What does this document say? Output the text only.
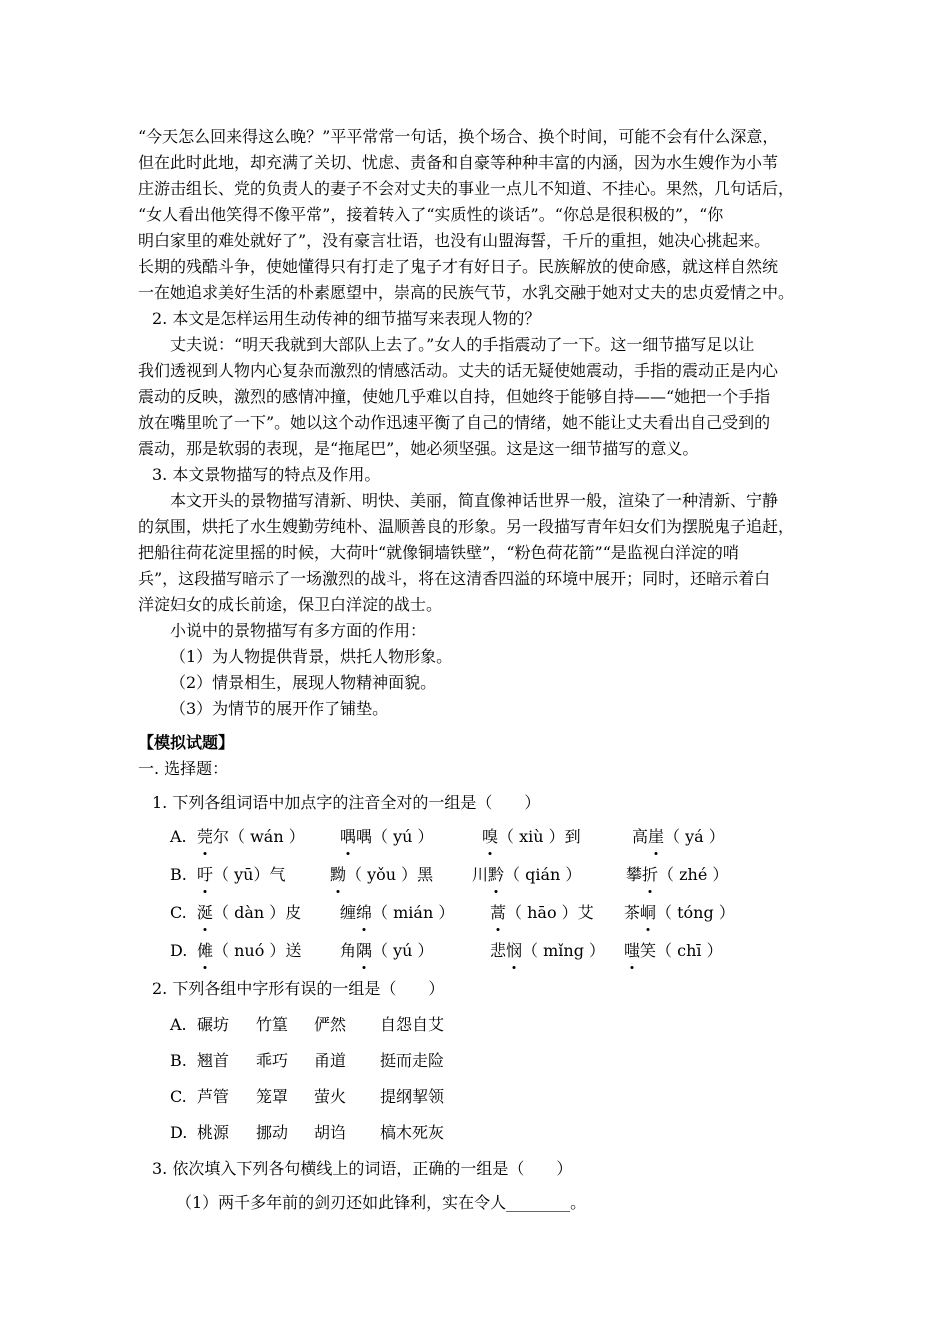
“今天怎么回来得这么晚？”平平常常一句话，换个场合、换个时间，可能不会有什么深意，
但在此时此地，却充满了关切、忧虑、责备和自豪等种种丰富的内涵，因为水生嫂作为小苇
庄游击组长、党的负责人的妻子不会对丈夫的事业一点儿不知道、不挂心。果然，几句话后，
“女人看出他笑得不像平常”，接着转入了“实质性的谈话”。“你总是很积极的”，“你
明白家里的难处就好了”，没有豪言壮语，也没有山盟海誓，千斤的重担，她决心挑起来。
长期的残酷斗争，使她懂得只有打走了鬼子才有好日子。民族解放的使命感，就这样自然统
一在她追求美好生活的朴素愿望中，崇高的民族气节，水乳交融于她对丈夫的忠贞爱情之中。
2. 本文是怎样运用生动传神的细节描写来表现人物的？
丈夫说：“明天我就到大部队上去了。”女人的手指震动了一下。这一细节描写足以让
我们透视到人物内心复杂而激烈的情感活动。丈夫的话无疑使她震动，手指的震动正是内心
震动的反映，激烈的感情冲撞，使她几乎难以自持，但她终于能够自持——“她把一个手指
放在嘴里吮了一下”。她以这个动作迅速平衡了自己的情绪，她不能让丈夫看出自己受到的
震动，那是软弱的表现，是“拖尾巴”，她必须坚强。这是这一细节描写的意义。
3. 本文景物描写的特点及作用。
本文开头的景物描写清新、明快、美丽，简直像神话世界一般，渲染了一种清新、宁静
的氛围，烘托了水生嫂勤劳纯朴、温顺善良的形象。另一段描写青年妇女们为摆脱鬼子追赶，
把船往荷花淀里摇的时候，大荷叶“就像铜墙铁壁”，“粉色荷花箭”“是监视白洋淀的哨
兵”，这段描写暗示了一场激烈的战斗，将在这清香四溢的环境中展开；同时，还暗示着白
洋淀妇女的成长前途，保卫白洋淀的战士。
小说中的景物描写有多方面的作用：
（1）为人物提供背景，烘托人物形象。
（2）情景相生，展现人物精神面貌。
（3）为情节的展开作了铺垫。
【模拟试题】
一. 选择题：
1. 下列各组词语中加点字的注音全对的一组是（　　）
A. 莞尔（ wán ） 喁喁（ yú ）	嗅（ xiù ）到	高崖（ yá ）
B. 吁（ yū）气	黝（ yǒu ）黑 川黔（ qián ）	攀折（ zhé ）
C. 涎（ dàn ）皮 缠绵（ mián ） 蒿（ hāo ）艾 茶峒（ tóng ）
D. 傩（ nuó ）送 角隅（ yú ）	悲悯（ mǐng ） 嗤笑（ chī ）
2. 下列各组中字形有误的一组是（　　）
A. 碾坊 竹篁 俨然 自怨自艾
B. 翘首 乖巧 甬道 挺而走险
C. 芦管 笼罩 萤火 提纲挈领
D. 桃源 挪动 胡诌 槁木死灰
3. 依次填入下列各句横线上的词语，正确的一组是（　　）
（1）两千多年前的剑刃还如此锋利，实在令人________。
